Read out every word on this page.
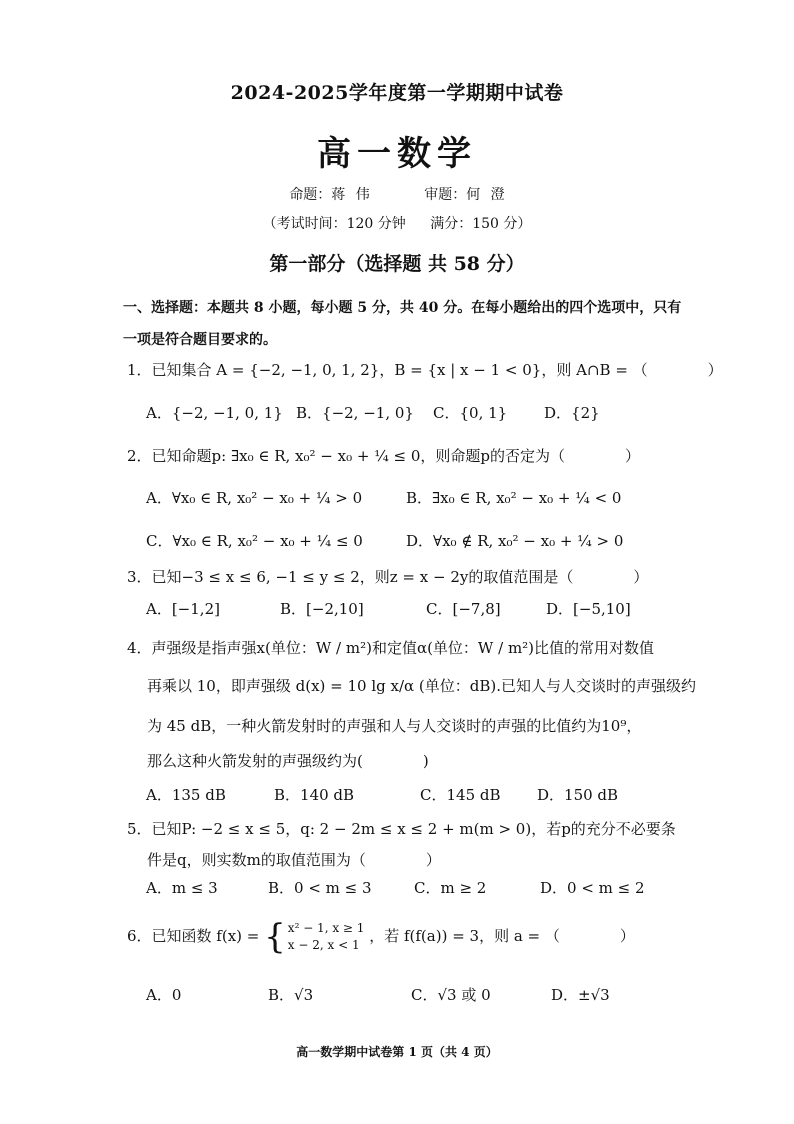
2024-2025学年度第一学期期中试卷
高一数学
命题：蒋 伟	审题：何 澄
（考试时间：120 分钟 满分：150 分）
第一部分（选择题 共 58 分）
一、选择题：本题共 8 小题，每小题 5 分，共 40 分。在每小题给出的四个选项中，只有一项是符合题目要求的。
1．已知集合 A = {−2, −1, 0, 1, 2}，B = {x | x − 1 < 0}，则 A∩B = （　　　　）
A．{−2, −1, 0, 1} B．{−2, −1, 0} C．{0, 1} D．{2}
2．已知命题p: ∃x₀ ∈ R, x₀² − x₀ + ¼ ≤ 0，则命题p的否定为（　　　　）
A．∀x₀ ∈ R, x₀² − x₀ + ¼ > 0	B．∃x₀ ∈ R, x₀² − x₀ + ¼ < 0
C．∀x₀ ∈ R, x₀² − x₀ + ¼ ≤ 0	D．∀x₀ ∉ R, x₀² − x₀ + ¼ > 0
3．已知−3 ≤ x ≤ 6, −1 ≤ y ≤ 2，则z = x − 2y的取值范围是（　　　　）
A．[−1,2]	B．[−2,10]	C．[−7,8]	D．[−5,10]
4．声强级是指声强x(单位：W / m²)和定值α(单位：W / m²)比值的常用对数值
再乘以 10，即声强级 d(x) = 10 lg x/α (单位：dB).已知人与人交谈时的声强级约
为 45 dB，一种火箭发射时的声强和人与人交谈时的声强的比值约为10⁹，
那么这种火箭发射的声强级约为(　　　　)
A．135 dB	B．140 dB	C．145 dB D．150 dB
5．已知P: −2 ≤ x ≤ 5，q: 2 − 2m ≤ x ≤ 2 + m(m > 0)，若p的充分不必要条
件是q，则实数m的取值范围为（　　　　）
A．m ≤ 3	B．0 < m ≤ 3	C．m ≥ 2	D．0 < m ≤ 2
6．已知函数 f(x) = { x² − 1, x ≥ 1
x − 2, x < 1 ，若 f(f(a)) = 3，则 a = （　　　　）
A．0	B．√3	C．√3 或 0	D．±√3
高一数学期中试卷第 1 页（共 4 页）
